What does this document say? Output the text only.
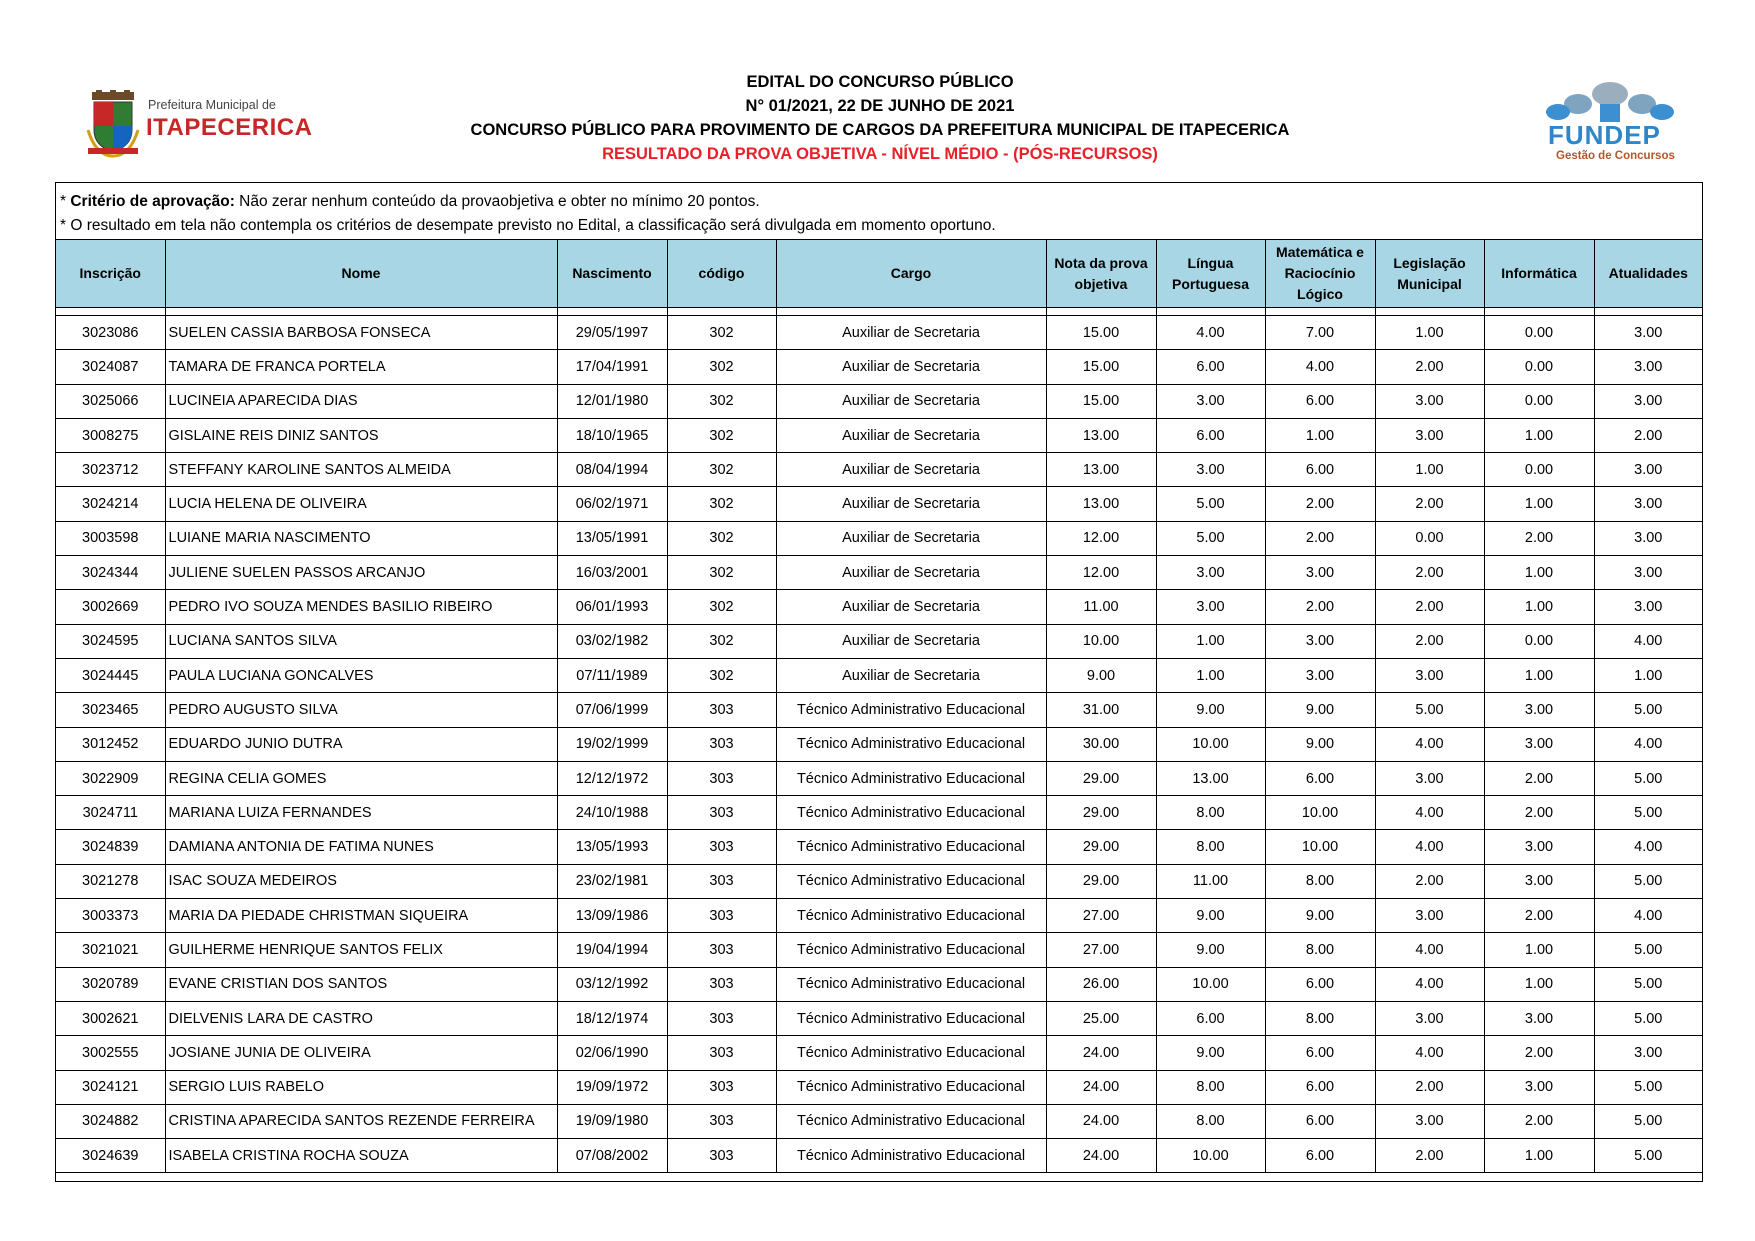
Prefeitura Municipal de
ITAPECERICA	FUNDEP
Gestão de Concursos
EDITAL DO CONCURSO PÚBLICO
N° 01/2021, 22 DE JUNHO DE 2021
CONCURSO PÚBLICO PARA PROVIMENTO DE CARGOS DA PREFEITURA MUNICIPAL DE ITAPECERICA
RESULTADO DA PROVA OBJETIVA - NÍVEL MÉDIO - (PÓS-RECURSOS)
* Critério de aprovação: Não zerar nenhum conteúdo da provaobjetiva e obter no mínimo 20 pontos.
* O resultado em tela não contempla os critérios de desempate previsto no Edital, a classificação será divulgada em momento oportuno.
Inscrição	Nome	Nascimento	código	Cargo	Nota da prova objetiva	Língua Portuguesa	Matemática e Raciocínio Lógico	Legislação Municipal	Informática	Atualidades

3023086	SUELEN CASSIA BARBOSA FONSECA	29/05/1997	302	Auxiliar de Secretaria	15.00	4.00	7.00	1.00	0.00	3.00
3024087	TAMARA DE FRANCA PORTELA	17/04/1991	302	Auxiliar de Secretaria	15.00	6.00	4.00	2.00	0.00	3.00
3025066	LUCINEIA APARECIDA DIAS	12/01/1980	302	Auxiliar de Secretaria	15.00	3.00	6.00	3.00	0.00	3.00
3008275	GISLAINE REIS DINIZ SANTOS	18/10/1965	302	Auxiliar de Secretaria	13.00	6.00	1.00	3.00	1.00	2.00
3023712	STEFFANY KAROLINE SANTOS ALMEIDA	08/04/1994	302	Auxiliar de Secretaria	13.00	3.00	6.00	1.00	0.00	3.00
3024214	LUCIA HELENA DE OLIVEIRA	06/02/1971	302	Auxiliar de Secretaria	13.00	5.00	2.00	2.00	1.00	3.00
3003598	LUIANE MARIA NASCIMENTO	13/05/1991	302	Auxiliar de Secretaria	12.00	5.00	2.00	0.00	2.00	3.00
3024344	JULIENE SUELEN PASSOS ARCANJO	16/03/2001	302	Auxiliar de Secretaria	12.00	3.00	3.00	2.00	1.00	3.00
3002669	PEDRO IVO SOUZA MENDES BASILIO RIBEIRO	06/01/1993	302	Auxiliar de Secretaria	11.00	3.00	2.00	2.00	1.00	3.00
3024595	LUCIANA SANTOS SILVA	03/02/1982	302	Auxiliar de Secretaria	10.00	1.00	3.00	2.00	0.00	4.00
3024445	PAULA LUCIANA GONCALVES	07/11/1989	302	Auxiliar de Secretaria	9.00	1.00	3.00	3.00	1.00	1.00
3023465	PEDRO AUGUSTO SILVA	07/06/1999	303	Técnico Administrativo Educacional	31.00	9.00	9.00	5.00	3.00	5.00
3012452	EDUARDO JUNIO DUTRA	19/02/1999	303	Técnico Administrativo Educacional	30.00	10.00	9.00	4.00	3.00	4.00
3022909	REGINA CELIA GOMES	12/12/1972	303	Técnico Administrativo Educacional	29.00	13.00	6.00	3.00	2.00	5.00
3024711	MARIANA LUIZA FERNANDES	24/10/1988	303	Técnico Administrativo Educacional	29.00	8.00	10.00	4.00	2.00	5.00
3024839	DAMIANA ANTONIA DE FATIMA NUNES	13/05/1993	303	Técnico Administrativo Educacional	29.00	8.00	10.00	4.00	3.00	4.00
3021278	ISAC SOUZA MEDEIROS	23/02/1981	303	Técnico Administrativo Educacional	29.00	11.00	8.00	2.00	3.00	5.00
3003373	MARIA DA PIEDADE CHRISTMAN SIQUEIRA	13/09/1986	303	Técnico Administrativo Educacional	27.00	9.00	9.00	3.00	2.00	4.00
3021021	GUILHERME HENRIQUE SANTOS FELIX	19/04/1994	303	Técnico Administrativo Educacional	27.00	9.00	8.00	4.00	1.00	5.00
3020789	EVANE CRISTIAN DOS SANTOS	03/12/1992	303	Técnico Administrativo Educacional	26.00	10.00	6.00	4.00	1.00	5.00
3002621	DIELVENIS LARA DE CASTRO	18/12/1974	303	Técnico Administrativo Educacional	25.00	6.00	8.00	3.00	3.00	5.00
3002555	JOSIANE JUNIA DE OLIVEIRA	02/06/1990	303	Técnico Administrativo Educacional	24.00	9.00	6.00	4.00	2.00	3.00
3024121	SERGIO LUIS RABELO	19/09/1972	303	Técnico Administrativo Educacional	24.00	8.00	6.00	2.00	3.00	5.00
3024882	CRISTINA APARECIDA SANTOS REZENDE FERREIRA	19/09/1980	303	Técnico Administrativo Educacional	24.00	8.00	6.00	3.00	2.00	5.00
3024639	ISABELA CRISTINA ROCHA SOUZA	07/08/2002	303	Técnico Administrativo Educacional	24.00	10.00	6.00	2.00	1.00	5.00
